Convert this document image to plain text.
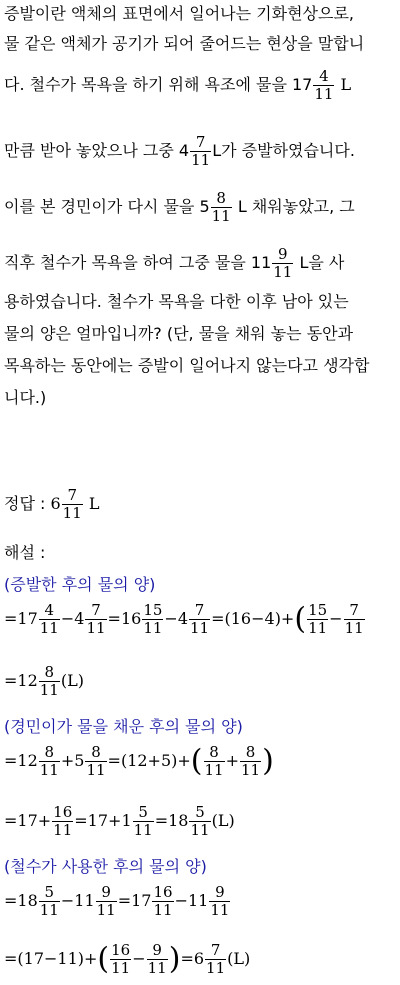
증발이란 액체의 표면에서 일어나는 기화현상으로,
물 같은 액체가 공기가 되어 줄어드는 현상을 말합니
다. 철수가 목욕을 하기 위해 욕조에 물을 $17 \frac{4}{11}$ L
만큼 받아 놓았으나 그중 $4 \frac{7}{11}$ L가 증발하였습니다.
이를 본 경민이가 다시 물을 $5 \frac{8}{11}$ L 채워놓았고, 그
직후 철수가 목욕을 하여 그중 물을 $11 \frac{9}{11}$ L을 사
용하였습니다. 철수가 목욕을 다한 이후 남아 있는
물의 양은 얼마입니까? (단, 물을 채워 놓는 동안과
목욕하는 동안에는 증발이 일어나지 않는다고 생각합
니다.)
정답 : $6 \frac{7}{11}$ L
해설 :
(증발한 후의 물의 양)
$=17 \frac{4}{11} -4 \frac{7}{11} =16 \frac{15}{11} -4 \frac{7}{11} =(16-4)+( \frac{15}{11} - \frac{7}{11}$
$=12 \frac{8}{11} (L)$
(경민이가 물을 채운 후의 물의 양)
$=12 \frac{8}{11} +5 \frac{8}{11} =(12+5)+( \frac{8}{11} + \frac{8}{11}$ )
$=17+ \frac{16}{11} =17+1 \frac{5}{11} =18 \frac{5}{11} (L)$
(철수가 사용한 후의 물의 양)
$=18 \frac{5}{11} -11 \frac{9}{11} =17 \frac{16}{11} -11 \frac{9}{11}$
$=(17-11)+( \frac{16}{11} - \frac{9}{11} )=6 \frac{7}{11} (L)$
